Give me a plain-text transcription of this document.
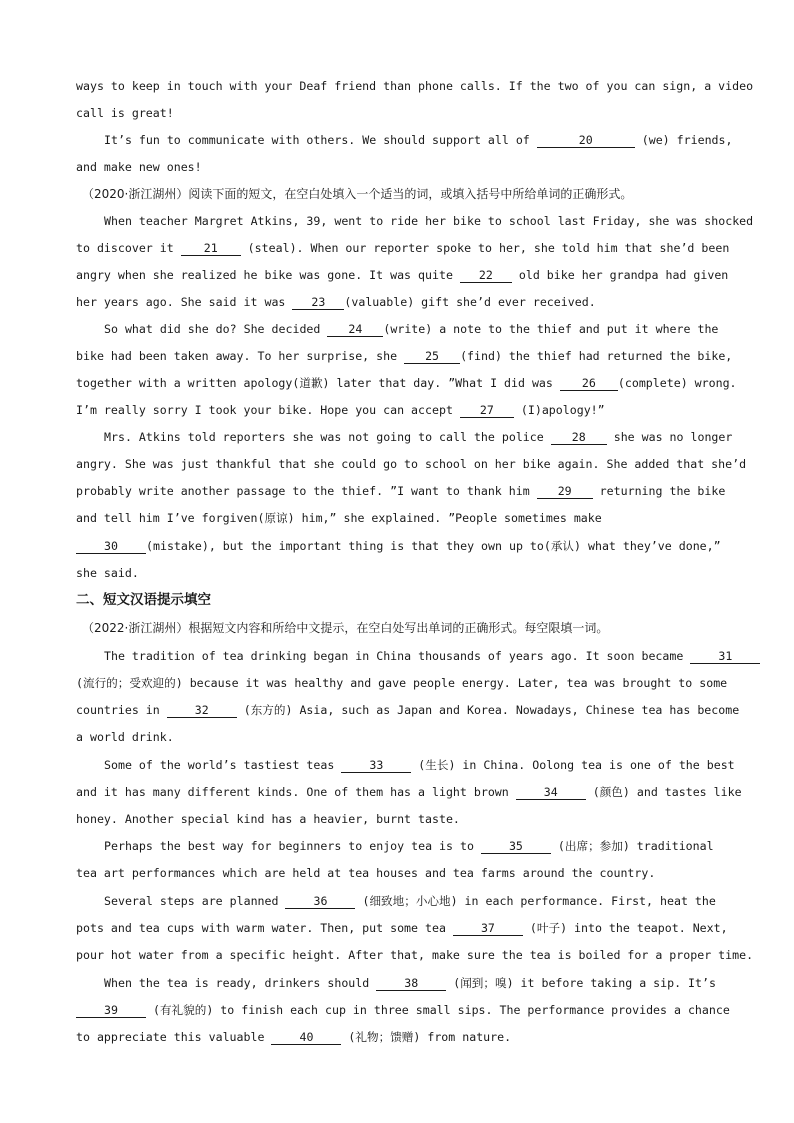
ways to keep in touch with your Deaf friend than phone calls. If the two of you can sign, a video
call is great!
It’s fun to communicate with others. We should support all of	20	(we) friends,
and make new ones!
（2020·浙江湖州）阅读下面的短文，在空白处填入一个适当的词，或填入括号中所给单词的正确形式。
When teacher Margret Atkins, 39, went to ride her bike to school last Friday, she was shocked
to discover it 21 (steal). When our reporter spoke to her, she told him that she’d been
angry when she realized he bike was gone. It was quite 22 old bike her grandpa had given
her years ago. She said it was 23 (valuable) gift she’d ever received.
So what did she do? She decided 24 (write) a note to the thief and put it where the
bike had been taken away. To her surprise, she 25 (find) the thief had returned the bike,
together with a written apology(道歉) later that day. ”What I did was 26 (complete) wrong.
I’m really sorry I took your bike. Hope you can accept 27 (I)apology!”
Mrs. Atkins told reporters she was not going to call the police 28 she was no longer
angry. She was just thankful that she could go to school on her bike again. She added that she’d
probably write another passage to the thief. ”I want to thank him 29 returning the bike
and tell him I’ve forgiven(原谅) him,” she explained. ”People sometimes make
30 (mistake), but the important thing is that they own up to(承认) what they’ve done,”
she said.
二、短文汉语提示填空
（2022·浙江湖州）根据短文内容和所给中文提示，在空白处写出单词的正确形式。每空限填一词。
The tradition of tea drinking began in China thousands of years ago. It soon became 31
(流行的；受欢迎的) because it was healthy and gave people energy. Later, tea was brought to some
countries in 32 (东方的) Asia, such as Japan and Korea. Nowadays, Chinese tea has become
a world drink.
Some of the world’s tastiest teas 33 (生长) in China. Oolong tea is one of the best
and it has many different kinds. One of them has a light brown 34 (颜色) and tastes like
honey. Another special kind has a heavier, burnt taste.
Perhaps the best way for beginners to enjoy tea is to 35 (出席；参加) traditional
tea art performances which are held at tea houses and tea farms around the country.
Several steps are planned 36 (细致地；小心地) in each performance. First, heat the
pots and tea cups with warm water. Then, put some tea 37 (叶子) into the teapot. Next,
pour hot water from a specific height. After that, make sure the tea is boiled for a proper time.
When the tea is ready, drinkers should 38 (闻到；嗅) it before taking a sip. It’s
39 (有礼貌的) to finish each cup in three small sips. The performance provides a chance
to appreciate this valuable 40 (礼物；馈赠) from nature.
